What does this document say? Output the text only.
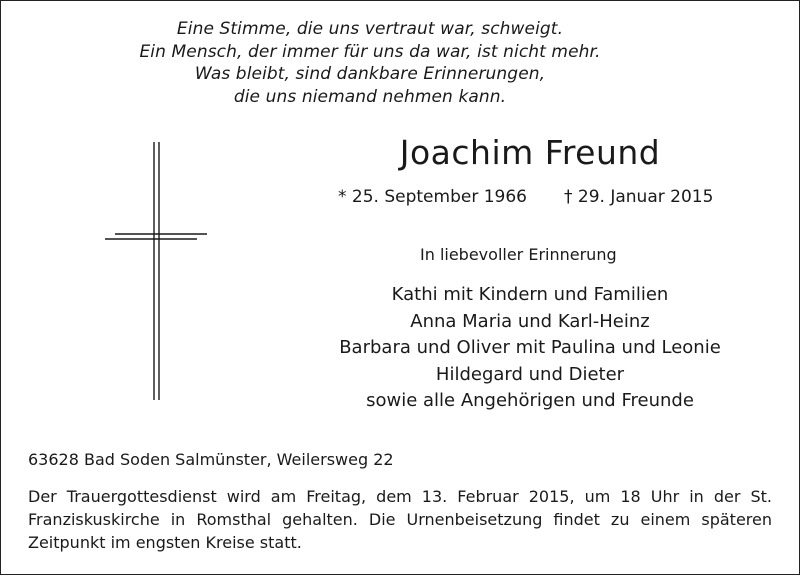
Eine Stimme, die uns vertraut war, schweigt.
Ein Mensch, der immer für uns da war, ist nicht mehr.
Was bleibt, sind dankbare Erinnerungen,
die uns niemand nehmen kann.
Joachim Freund
* 25. September 1966 † 29. Januar 2015
In liebevoller Erinnerung
Kathi mit Kindern und Familien
Anna Maria und Karl-Heinz
Barbara und Oliver mit Paulina und Leonie
Hildegard und Dieter
sowie alle Angehörigen und Freunde
63628 Bad Soden Salmünster, Weilersweg 22
Der Trauergottesdienst wird am Freitag, dem 13. Februar 2015, um 18 Uhr in der St. Franziskuskirche in Romsthal gehalten. Die Urnenbeisetzung findet zu einem späteren Zeitpunkt im engsten Kreise statt.
